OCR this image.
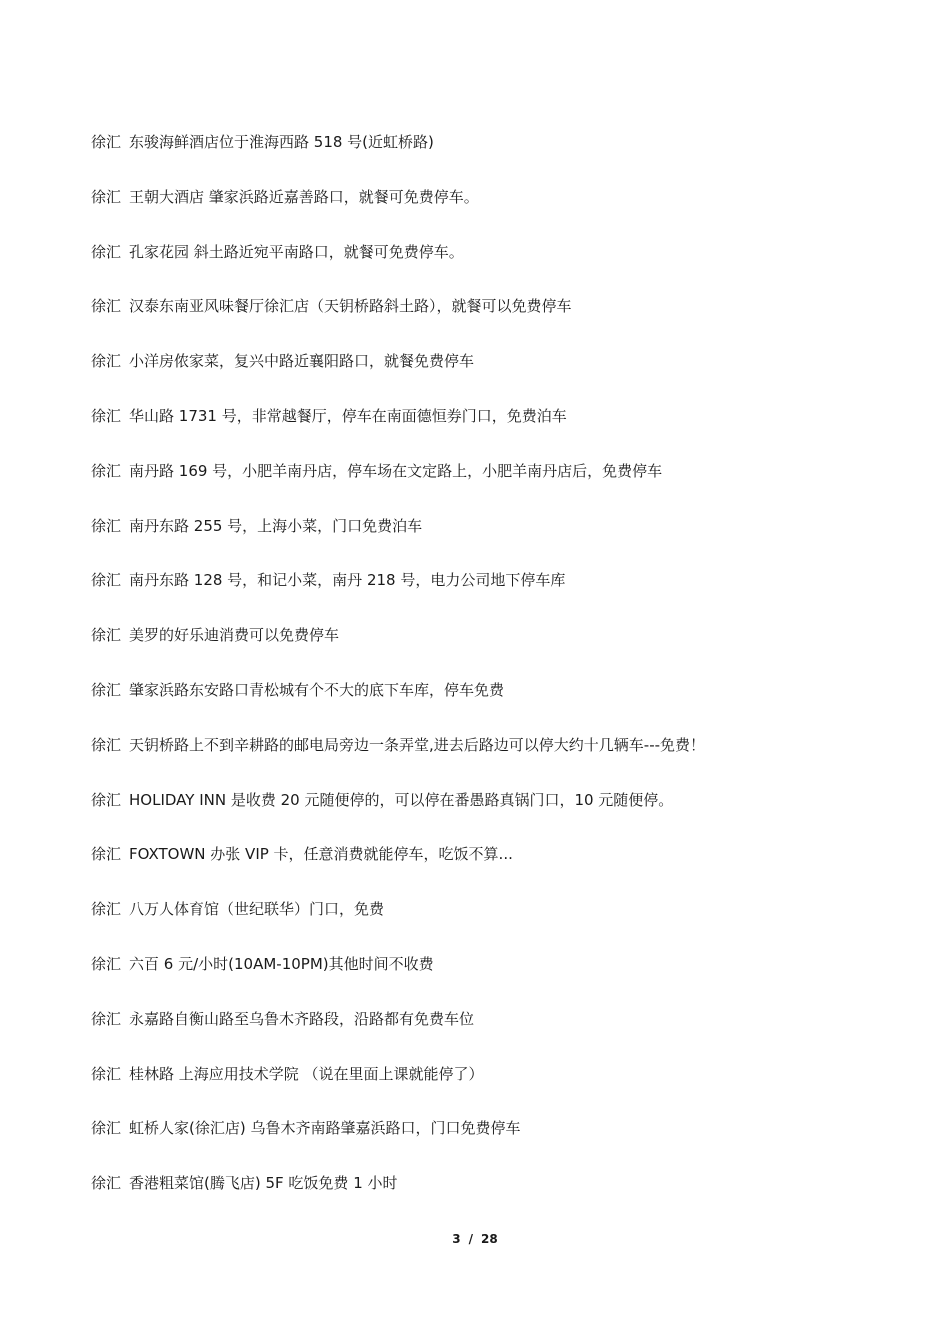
徐汇 东骏海鲜酒店位于淮海西路 518 号(近虹桥路)
徐汇 王朝大酒店 肇家浜路近嘉善路口，就餐可免费停车。
徐汇 孔家花园 斜土路近宛平南路口，就餐可免费停车。
徐汇 汉泰东南亚风味餐厅徐汇店（天钥桥路斜土路），就餐可以免费停车
徐汇 小洋房侬家菜，复兴中路近襄阳路口，就餐免费停车
徐汇 华山路 1731 号，非常越餐厅，停车在南面德恒券门口，免费泊车
徐汇 南丹路 169 号，小肥羊南丹店，停车场在文定路上，小肥羊南丹店后，免费停车
徐汇 南丹东路 255 号，上海小菜，门口免费泊车
徐汇 南丹东路 128 号，和记小菜，南丹 218 号，电力公司地下停车库
徐汇 美罗的好乐迪消费可以免费停车
徐汇 肇家浜路东安路口青松城有个不大的底下车库，停车免费
徐汇 天钥桥路上不到辛耕路的邮电局旁边一条弄堂,进去后路边可以停大约十几辆车---免费！
徐汇 HOLIDAY INN 是收费 20 元随便停的，可以停在番愚路真锅门口，10 元随便停。
徐汇 FOXTOWN 办张 VIP 卡，任意消费就能停车，吃饭不算...
徐汇 八万人体育馆（世纪联华）门口，免费
徐汇 六百 6 元/小时(10AM-10PM)其他时间不收费
徐汇 永嘉路自衡山路至乌鲁木齐路段，沿路都有免费车位
徐汇 桂林路 上海应用技术学院 （说在里面上课就能停了）
徐汇 虹桥人家(徐汇店) 乌鲁木齐南路肇嘉浜路口，门口免费停车
徐汇 香港粗菜馆(腾飞店) 5F 吃饭免费 1 小时
3 / 28
